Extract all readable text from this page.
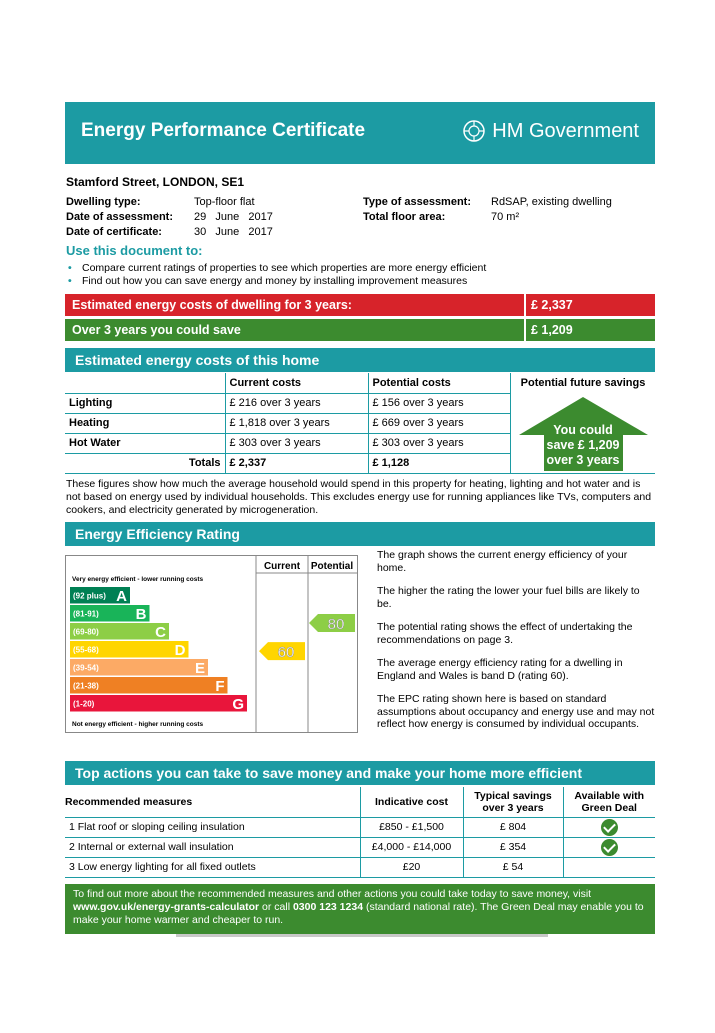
Energy Performance Certificate	HM Government
Stamford Street, LONDON, SE1
Dwelling type:	Top-floor flat
Date of assessment: 29   June   2017
Date of certificate:	30   June   2017
Type of assessment: RdSAP, existing dwelling
Total floor area:	70 m²
Use this document to:
• Compare current ratings of properties to see which properties are more energy efficient
• Find out how you can save energy and money by installing improvement measures
Estimated energy costs of dwelling for 3 years:	£ 2,337
Over 3 years you could save	£ 1,209
Estimated energy costs of this home
	Current costs	Potential costs
Lighting	£ 216 over 3 years	£ 156 over 3 years
Heating	£ 1,818 over 3 years	£ 669 over 3 years
Hot Water	£ 303 over 3 years	£ 303 over 3 years
Totals	£ 2,337	£ 1,128
Potential future savings
You could
save £ 1,209
over 3 years
These figures show how much the average household would spend in this property for heating, lighting and hot water and is not based on energy used by individual households. This excludes energy use for running appliances like TVs, computers and cookers, and electricity generated by microgeneration.
Energy Efficiency Rating
Current Potential
Very energy efficient - lower running costs
Not energy efficient - higher running costs
(92 plus) A
(81-91) B
(69-80)	C
(55-68)	D
(39-54)	E
(21-38)	F
(1-20)	G
60
80

The graph shows the current energy efficiency of your home.

The higher the rating the lower your fuel bills are likely to be.

The potential rating shows the effect of undertaking the recommendations on page 3.

The average energy efficiency rating for a dwelling in England and Wales is band D (rating 60).

The EPC rating shown here is based on standard assumptions about occupancy and energy use and may not reflect how energy is consumed by individual occupants.

Top actions you can take to save money and make your home more efficient
Recommended measures	Indicative cost	Typical savings over 3 years	Available with Green Deal
1 Flat roof or sloping ceiling insulation	£850 - £1,500	£ 804	
2 Internal or external wall insulation	£4,000 - £14,000	£ 354	
3 Low energy lighting for all fixed outlets	£20	£ 54	
To find out more about the recommended measures and other actions you could take today to save money, visit www.gov.uk/energy-grants-calculator or call 0300 123 1234 (standard national rate). The Green Deal may enable you to make your home warmer and cheaper to run.
